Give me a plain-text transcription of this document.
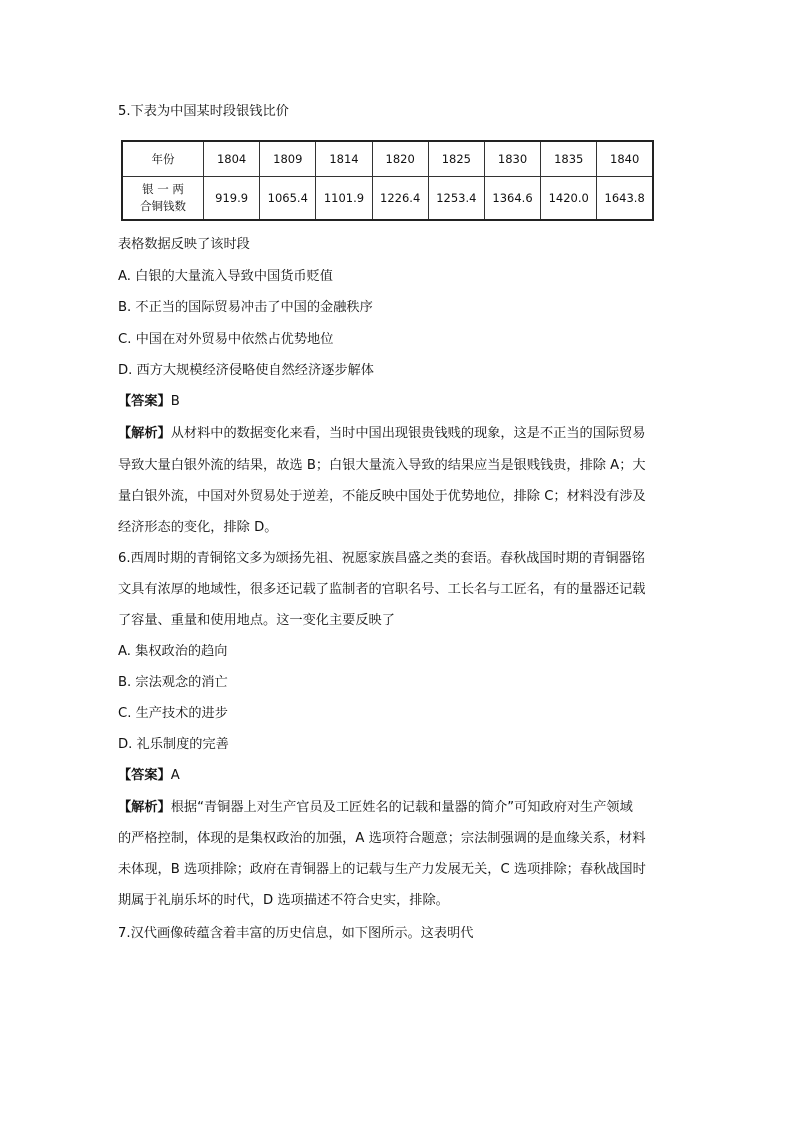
5.下表为中国某时段银钱比价
年份	1804	1809	1814	1820	1825	1830	1835	1840

银 一 两
合铜钱数	919.9	1065.4	1101.9	1226.4	1253.4	1364.6	1420.0	1643.8
表格数据反映了该时段
A. 白银的大量流入导致中国货币贬值
B. 不正当的国际贸易冲击了中国的金融秩序
C. 中国在对外贸易中依然占优势地位
D. 西方大规模经济侵略使自然经济逐步解体
【答案】B
【解析】从材料中的数据变化来看，当时中国出现银贵钱贱的现象，这是不正当的国际贸易
导致大量白银外流的结果，故选 B；白银大量流入导致的结果应当是银贱钱贵，排除 A；大
量白银外流，中国对外贸易处于逆差，不能反映中国处于优势地位，排除 C；材料没有涉及
经济形态的变化，排除 D。
6.西周时期的青铜铭文多为颂扬先祖、祝愿家族昌盛之类的套语。春秋战国时期的青铜器铭
文具有浓厚的地域性，很多还记载了监制者的官职名号、工长名与工匠名，有的量器还记载
了容量、重量和使用地点。这一变化主要反映了
A. 集权政治的趋向
B. 宗法观念的消亡
C. 生产技术的进步
D. 礼乐制度的完善
【答案】A
【解析】根据“青铜器上对生产官员及工匠姓名的记载和量器的简介”可知政府对生产领域
的严格控制，体现的是集权政治的加强，A 选项符合题意；宗法制强调的是血缘关系，材料
未体现，B 选项排除；政府在青铜器上的记载与生产力发展无关，C 选项排除；春秋战国时
期属于礼崩乐坏的时代，D 选项描述不符合史实，排除。
7.汉代画像砖蕴含着丰富的历史信息，如下图所示。这表明代
